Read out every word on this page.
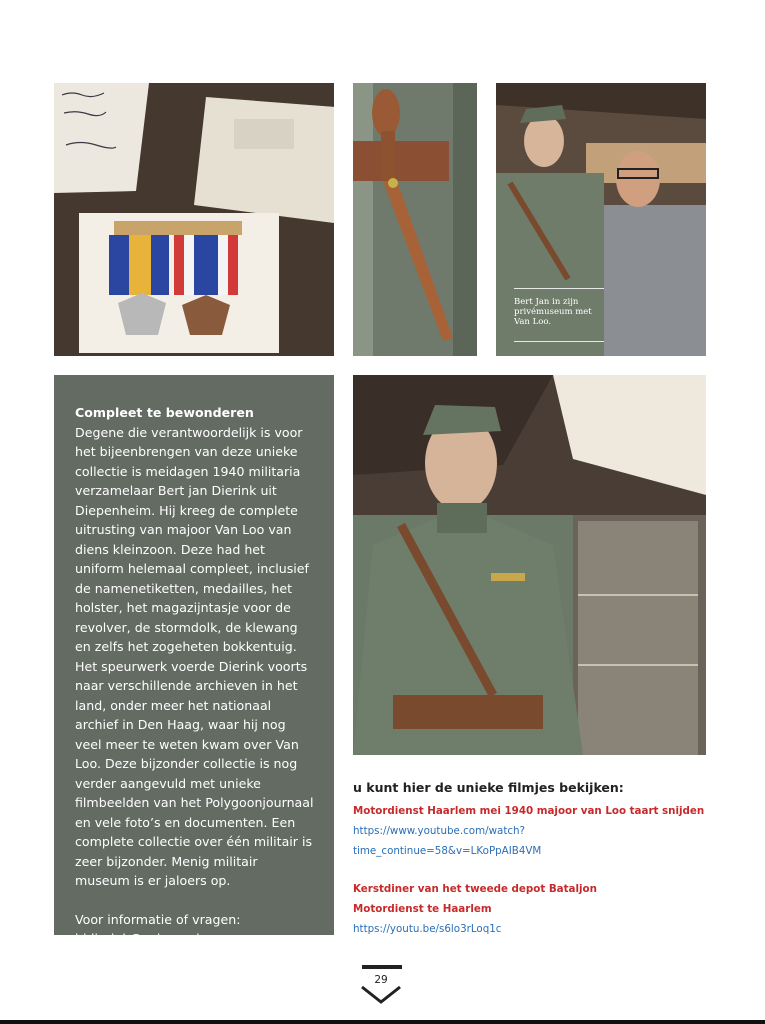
Bert Jan in zijn privémuseum met Van Loo.
Compleet te bewonderen

Degene die verantwoordelijk is voor het bijeenbrengen van deze unieke collectie is meidagen 1940 militaria verzamelaar Bert jan Dierink uit Diepenheim. Hij kreeg de complete uitrusting van majoor Van Loo van diens kleinzoon. Deze had het uniform helemaal compleet, inclusief de namenetiketten, medailles, het holster, het magazijntasje voor de revolver, de stormdolk, de klewang en zelfs het zogeheten bokkentuig. Het speurwerk voerde Dierink voorts naar verschillende archieven in het land, onder meer het nationaal archief in Den Haag, waar hij nog veel meer te weten kwam over Van Loo. Deze bijzonder collectie is nog verder aangevuld met unieke filmbeelden van het Polygoonjournaal en vele foto’s en documenten. Een complete collectie over één militair is zeer bijzonder. Menig militair museum is er jaloers op.

Voor informatie of vragen:

bjdierink@caiway.nl

u kunt hier de unieke filmjes bekijken:
Motordienst Haarlem mei 1940 majoor van Loo taart snijden
https://www.youtube.com/watch?time_continue=58&v=LKoPpAIB4VM
Kerstdiner van het tweede depot Bataljon
Motordienst te Haarlem
https://youtu.be/s6lo3rLoq1c
29
